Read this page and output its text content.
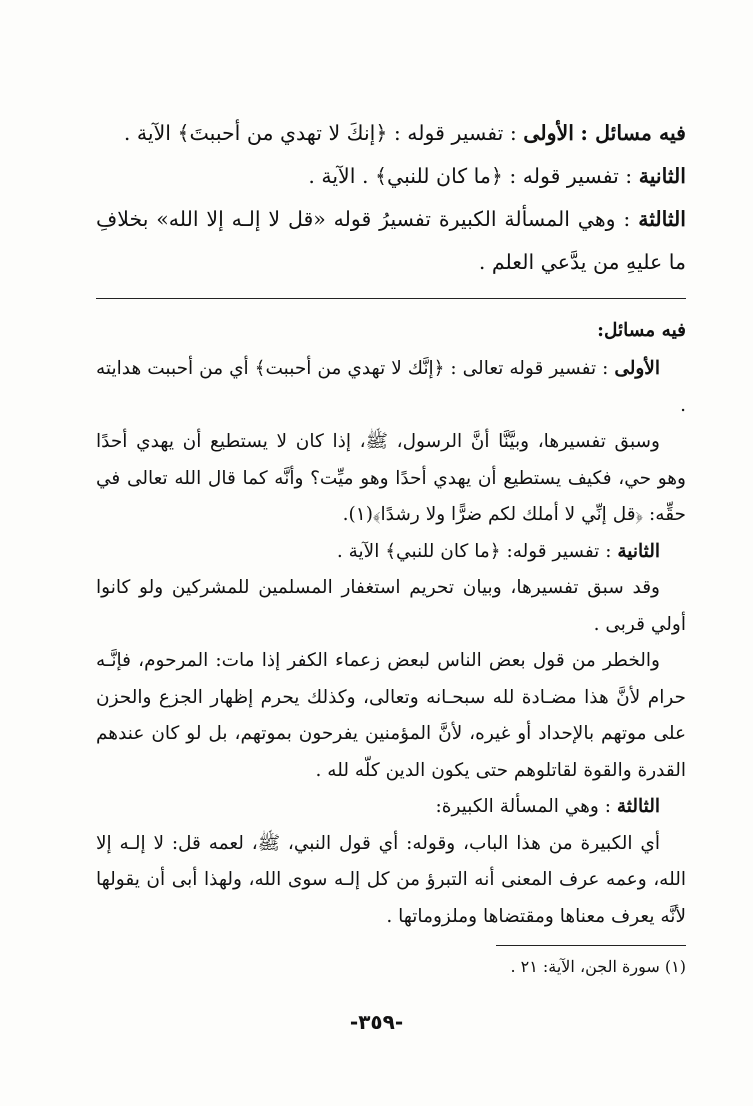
فيه مسائل : الأولى : تفسير قوله : ﴿إنكَ لا تهدي من أحببتَ﴾ الآية .

الثانية : تفسير قوله : ﴿ما كان للنبي﴾ . الآية .

الثالثة : وهي المسألة الكبيرة تفسيرُ قوله «قل لا إلـه إلا الله» بخلافِ ما عليهِ من يدَّعي العلم .

فيه مسائل:

الأولى : تفسير قوله تعالى : ﴿إنَّك لا تهدي من أحببت﴾ أي من أحببت هدايته .

وسبق تفسيرها، وبيَّنَّا أنَّ الرسول، ﷺ، إذا كان لا يستطيع أن يهدي أحدًا وهو حي، فكيف يستطيع أن يهدي أحدًا وهو ميِّت؟ وأنَّه كما قال الله تعالى في حقِّه: ﴿قل إنِّي لا أملك لكم ضرًّا ولا رشدًا﴾(١).

الثانية : تفسير قوله: ﴿ما كان للنبي﴾ الآية .

وقد سبق تفسيرها، وبيان تحريم استغفار المسلمين للمشركين ولو كانوا أولي قربى .

والخطر من قول بعض الناس لبعض زعماء الكفر إذا مات: المرحوم، فإنَّـه حرام لأنَّ هذا مضـادة لله سبحـانه وتعالى، وكذلك يحرم إظهار الجزع والحزن على موتهم بالإحداد أو غيره، لأنَّ المؤمنين يفرحون بموتهم، بل لو كان عندهم القدرة والقوة لقاتلوهم حتى يكون الدين كلّه لله .

الثالثة : وهي المسألة الكبيرة:

أي الكبيرة من هذا الباب، وقوله: أي قول النبي، ﷺ، لعمه قل: لا إلـه إلا الله، وعمه عرف المعنى أنه التبرؤ من كل إلـه سوى الله، ولهذا أبى أن يقولها لأنَّه يعرف معناها ومقتضاها وملزوماتها .

(١) سورة الجن، الآية: ٢١ .

-٣٥٩-
